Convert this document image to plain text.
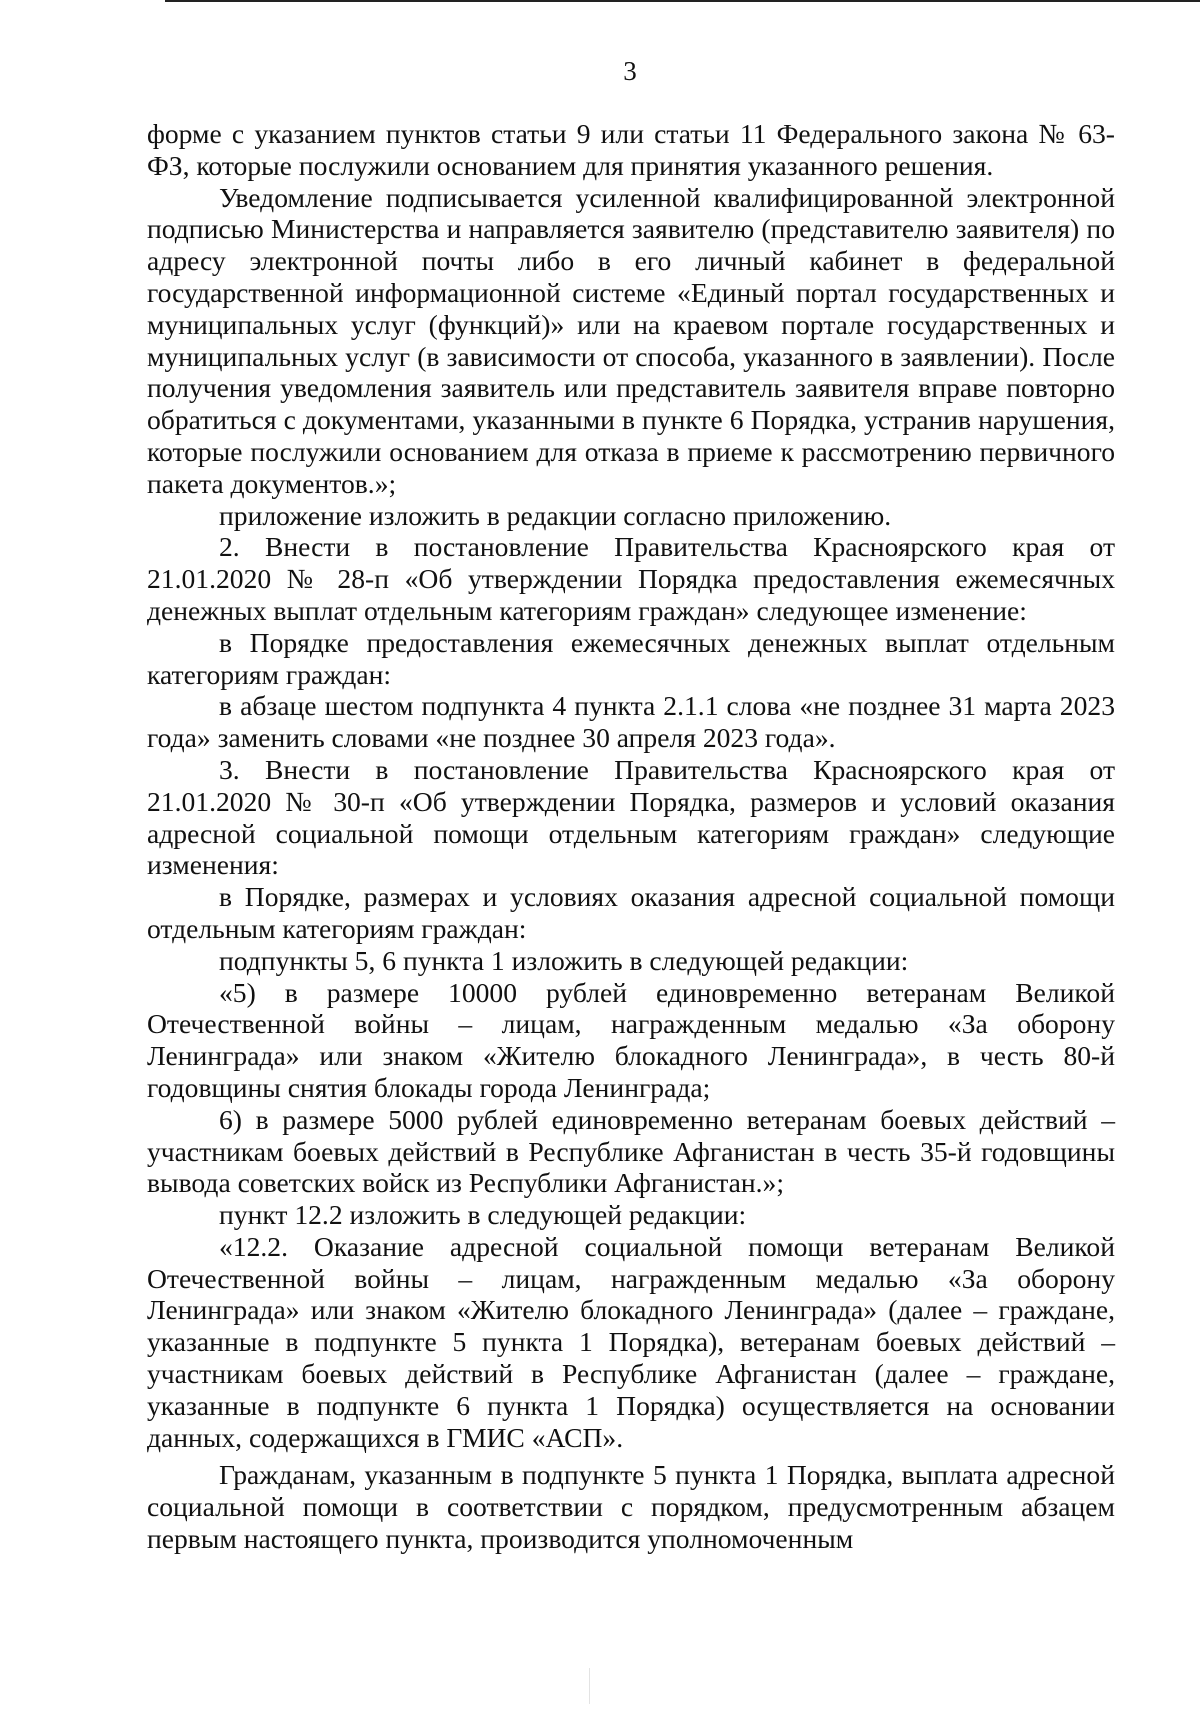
3

форме с указанием пунктов статьи 9 или статьи 11 Федерального закона № 63-ФЗ, которые послужили основанием для принятия указанного решения.

Уведомление подписывается усиленной квалифицированной электронной подписью Министерства и направляется заявителю (представителю заявителя) по адресу электронной почты либо в его личный кабинет в федеральной государственной информационной системе «Единый портал государственных и муниципальных услуг (функций)» или на краевом портале государственных и муниципальных услуг (в зависимости от способа, указанного в заявлении). После получения уведомления заявитель или представитель заявителя вправе повторно обратиться с документами, указанными в пункте 6 Порядка, устранив нарушения, которые послужили основанием для отказа в приеме к рассмотрению первичного пакета документов.»;

приложение изложить в редакции согласно приложению.

2. Внести в постановление Правительства Красноярского края от 21.01.2020 № 28-п «Об утверждении Порядка предоставления ежемесячных денежных выплат отдельным категориям граждан» следующее изменение:

в Порядке предоставления ежемесячных денежных выплат отдельным категориям граждан:

в абзаце шестом подпункта 4 пункта 2.1.1 слова «не позднее 31 марта 2023 года» заменить словами «не позднее 30 апреля 2023 года».

3. Внести в постановление Правительства Красноярского края от 21.01.2020 № 30-п «Об утверждении Порядка, размеров и условий оказания адресной социальной помощи отдельным категориям граждан» следующие изменения:

в Порядке, размерах и условиях оказания адресной социальной помощи отдельным категориям граждан:

подпункты 5, 6 пункта 1 изложить в следующей редакции:

«5) в размере 10000 рублей единовременно ветеранам Великой Отечественной войны – лицам, награжденным медалью «За оборону Ленинграда» или знаком «Жителю блокадного Ленинграда», в честь 80-й годовщины снятия блокады города Ленинграда;

6) в размере 5000 рублей единовременно ветеранам боевых действий – участникам боевых действий в Республике Афганистан в честь 35-й годовщины вывода советских войск из Республики Афганистан.»;

пункт 12.2 изложить в следующей редакции:

«12.2. Оказание адресной социальной помощи ветеранам Великой Отечественной войны – лицам, награжденным медалью «За оборону Ленинграда» или знаком «Жителю блокадного Ленинграда» (далее – граждане, указанные в подпункте 5 пункта 1 Порядка), ветеранам боевых действий – участникам боевых действий в Республике Афганистан (далее – граждане, указанные в подпункте 6 пункта 1 Порядка) осуществляется на основании данных, содержащихся в ГМИС «АСП».

Гражданам, указанным в подпункте 5 пункта 1 Порядка, выплата адресной социальной помощи в соответствии с порядком, предусмотренным абзацем первым настоящего пункта, производится уполномоченным
